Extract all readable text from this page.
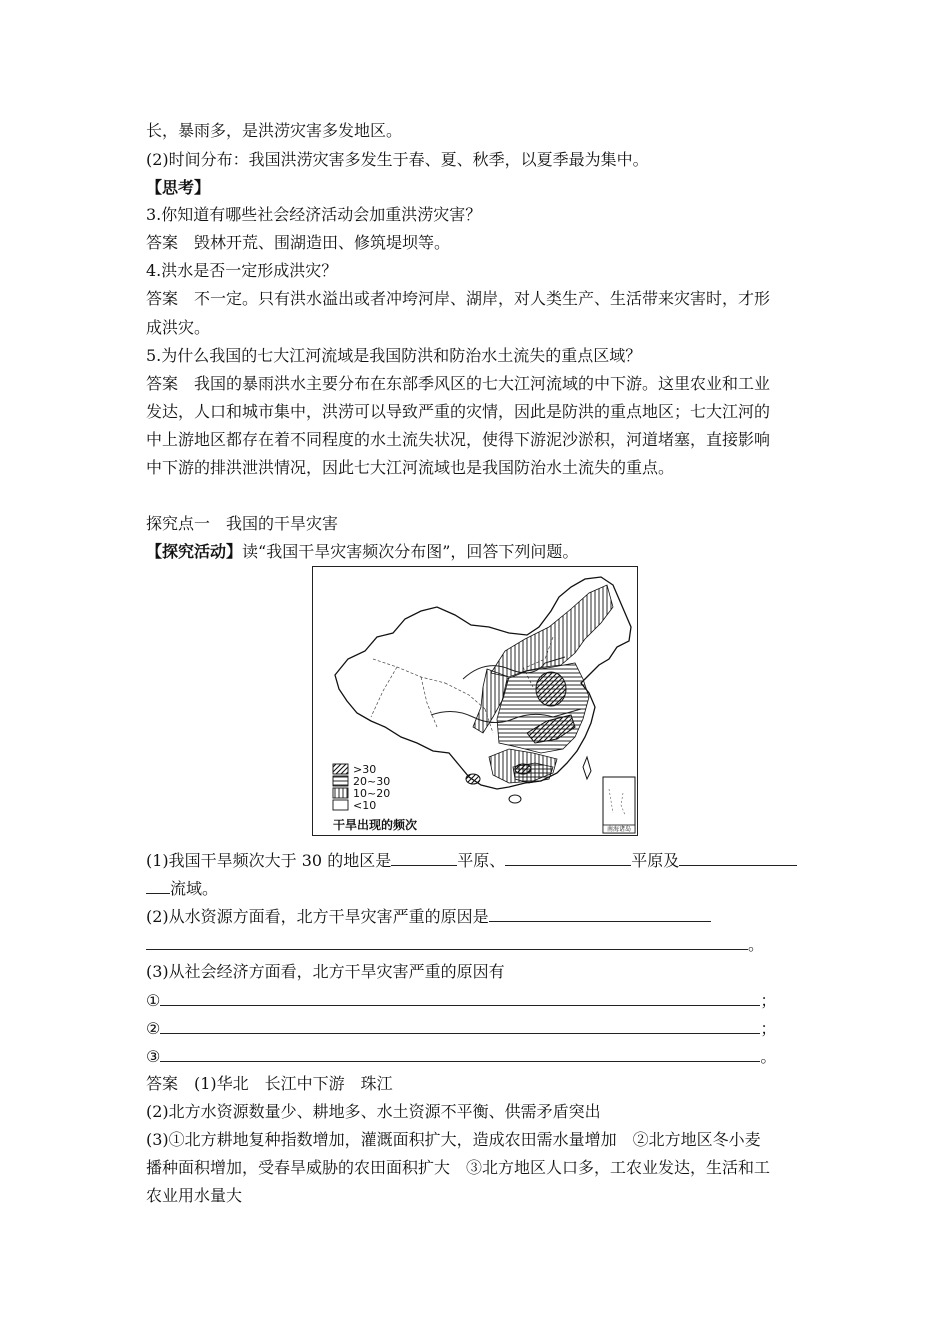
长，暴雨多，是洪涝灾害多发地区。
(2)时间分布：我国洪涝灾害多发生于春、夏、秋季，以夏季最为集中。
【思考】
3.你知道有哪些社会经济活动会加重洪涝灾害？
答案　毁林开荒、围湖造田、修筑堤坝等。
4.洪水是否一定形成洪灾？
答案　不一定。只有洪水溢出或者冲垮河岸、湖岸，对人类生产、生活带来灾害时，才形
成洪灾。
5.为什么我国的七大江河流域是我国防洪和防治水土流失的重点区域？
答案　我国的暴雨洪水主要分布在东部季风区的七大江河流域的中下游。这里农业和工业
发达，人口和城市集中，洪涝可以导致严重的灾情，因此是防洪的重点地区；七大江河的
中上游地区都存在着不同程度的水土流失状况，使得下游泥沙淤积，河道堵塞，直接影响
中下游的排洪泄洪情况，因此七大江河流域也是我国防治水土流失的重点。
探究点一　我国的干旱灾害
【探究活动】读“我国干旱灾害频次分布图”，回答下列问题。
南海诸岛
>30
20~30
10~20
<10
干旱出现的频次
(1)我国干旱频次大于 30 的地区是	平原、	平原及
流域。
(2)从水资源方面看，北方干旱灾害严重的原因是
。
(3)从社会经济方面看，北方干旱灾害严重的原因有
①	；
②	；
③	。
答案　(1)华北　长江中下游　珠江
(2)北方水资源数量少、耕地多、水土资源不平衡、供需矛盾突出
(3)①北方耕地复种指数增加，灌溉面积扩大，造成农田需水量增加　②北方地区冬小麦
播种面积增加，受春旱威胁的农田面积扩大　③北方地区人口多，工农业发达，生活和工
农业用水量大
